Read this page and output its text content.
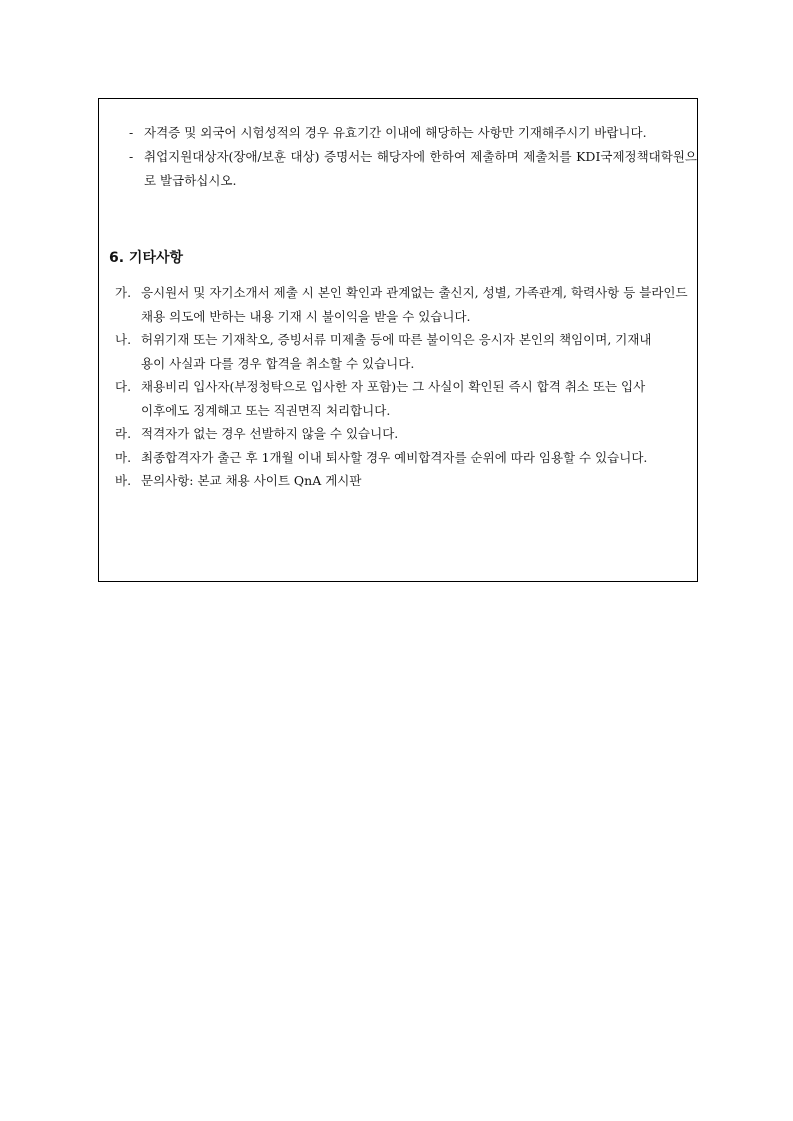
- 자격증 및 외국어 시험성적의 경우 유효기간 이내에 해당하는 사항만 기재해주시기 바랍니다.
- 취업지원대상자(장애/보훈 대상) 증명서는 해당자에 한하여 제출하며 제출처를 KDI국제정책대학원으로 발급하십시오.
6. 기타사항
가. 응시원서 및 자기소개서 제출 시 본인 확인과 관계없는 출신지, 성별, 가족관계, 학력사항 등 블라인드 채용 의도에 반하는 내용 기재 시 불이익을 받을 수 있습니다.
나. 허위기재 또는 기재착오, 증빙서류 미제출 등에 따른 불이익은 응시자 본인의 책임이며, 기재내용이 사실과 다를 경우 합격을 취소할 수 있습니다.
다. 채용비리 입사자(부정청탁으로 입사한 자 포함)는 그 사실이 확인된 즉시 합격 취소 또는 입사 이후에도 징계해고 또는 직권면직 처리합니다.
라. 적격자가 없는 경우 선발하지 않을 수 있습니다.
마. 최종합격자가 출근 후 1개월 이내 퇴사할 경우 예비합격자를 순위에 따라 임용할 수 있습니다.
바. 문의사항: 본교 채용 사이트 QnA 게시판
